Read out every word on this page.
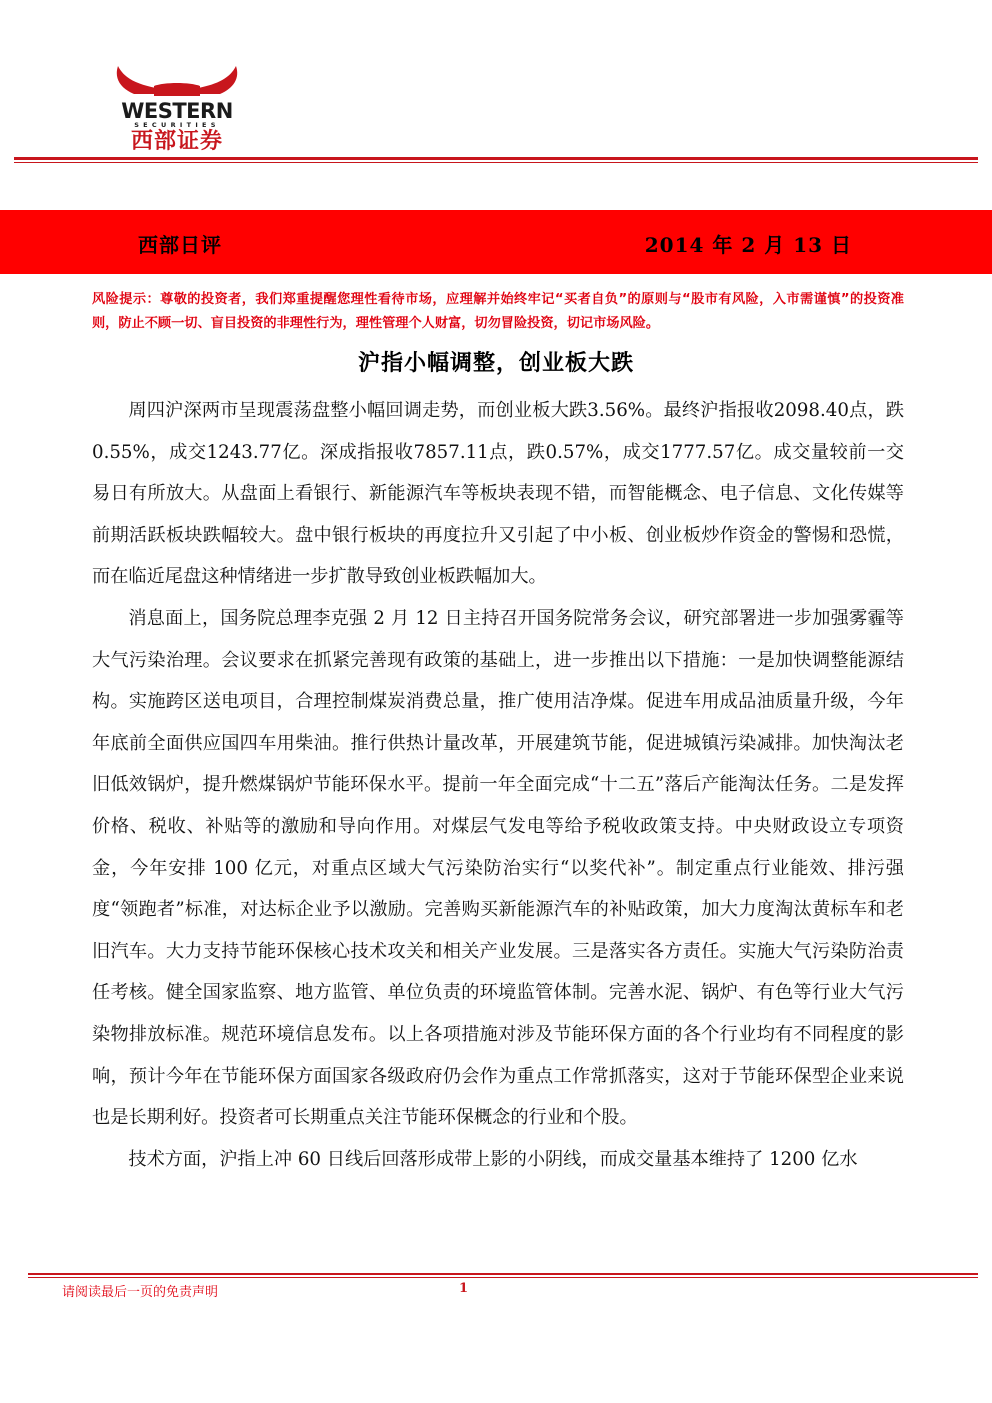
WESTERN
SECURITIES
西部证券
西部日评	2014 年 2 月 13 日
风险提示：尊敬的投资者，我们郑重提醒您理性看待市场，应理解并始终牢记“买者自负”的原则与“股市有风险，入市需谨慎”的投资准则，防止不顾一切、盲目投资的非理性行为，理性管理个人财富，切勿冒险投资，切记市场风险。
沪指小幅调整，创业板大跌

周四沪深两市呈现震荡盘整小幅回调走势，而创业板大跌3.56%。最终沪指报收2098.40点，跌0.55%，成交1243.77亿。深成指报收7857.11点，跌0.57%，成交1777.57亿。成交量较前一交易日有所放大。从盘面上看银行、新能源汽车等板块表现不错，而智能概念、电子信息、文化传媒等前期活跃板块跌幅较大。盘中银行板块的再度拉升又引起了中小板、创业板炒作资金的警惕和恐慌，而在临近尾盘这种情绪进一步扩散导致创业板跌幅加大。

消息面上，国务院总理李克强 2 月 12 日主持召开国务院常务会议，研究部署进一步加强雾霾等大气污染治理。会议要求在抓紧完善现有政策的基础上，进一步推出以下措施：一是加快调整能源结构。实施跨区送电项目，合理控制煤炭消费总量，推广使用洁净煤。促进车用成品油质量升级，今年年底前全面供应国四车用柴油。推行供热计量改革，开展建筑节能，促进城镇污染减排。加快淘汰老旧低效锅炉，提升燃煤锅炉节能环保水平。提前一年全面完成“十二五”落后产能淘汰任务。二是发挥价格、税收、补贴等的激励和导向作用。对煤层气发电等给予税收政策支持。中央财政设立专项资金，今年安排 100 亿元，对重点区域大气污染防治实行“以奖代补”。制定重点行业能效、排污强度“领跑者”标准，对达标企业予以激励。完善购买新能源汽车的补贴政策，加大力度淘汰黄标车和老旧汽车。大力支持节能环保核心技术攻关和相关产业发展。三是落实各方责任。实施大气污染防治责任考核。健全国家监察、地方监管、单位负责的环境监管体制。完善水泥、锅炉、有色等行业大气污染物排放标准。规范环境信息发布。以上各项措施对涉及节能环保方面的各个行业均有不同程度的影响，预计今年在节能环保方面国家各级政府仍会作为重点工作常抓落实，这对于节能环保型企业来说也是长期利好。投资者可长期重点关注节能环保概念的行业和个股。

技术方面，沪指上冲 60 日线后回落形成带上影的小阴线，而成交量基本维持了 1200 亿水

请阅读最后一页的免责声明	1
